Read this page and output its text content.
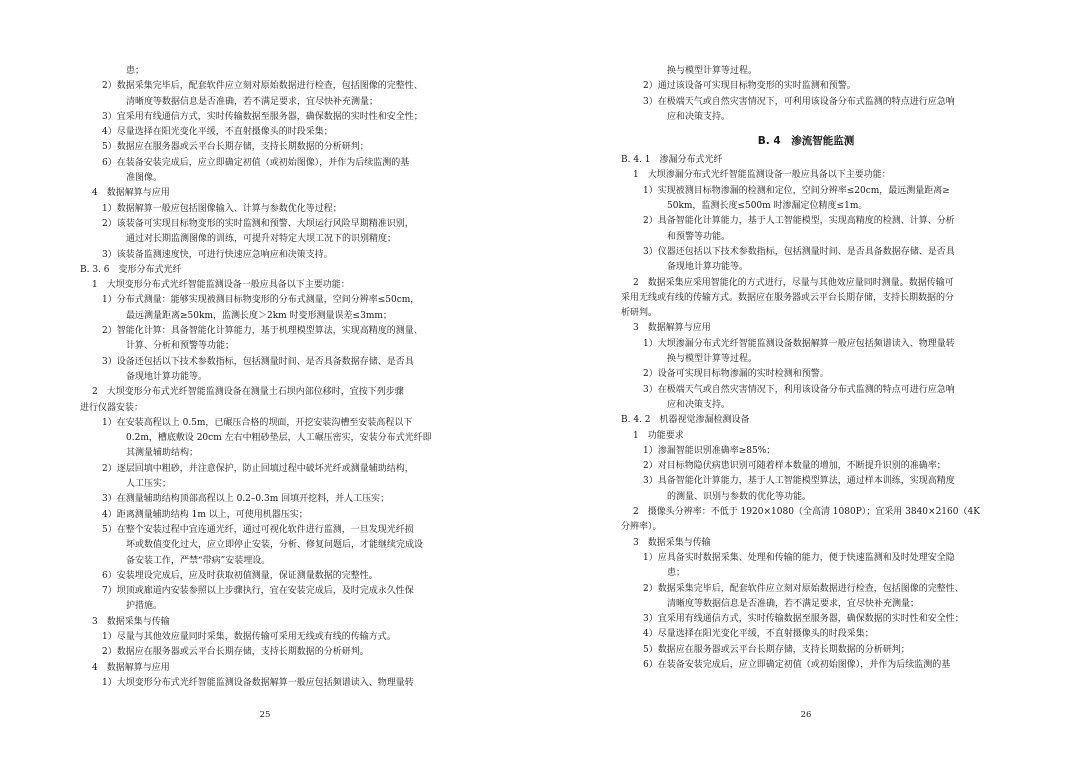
患；
2）数据采集完毕后，配套软件应立刻对原始数据进行检查，包括图像的完整性、
清晰度等数据信息是否准确，若不满足要求，宜尽快补充测量；
3）宜采用有线通信方式，实时传输数据至服务器，确保数据的实时性和安全性；
4）尽量选择在阳光变化平缓，不直射摄像头的时段采集；
5）数据应在服务器或云平台长期存储，支持长期数据的分析研判；
6）在装备安装完成后，应立即确定初值（或初始图像），并作为后续监测的基
准图像。
4　数据解算与应用
1）数据解算一般应包括图像输入、计算与参数优化等过程；
2）该装备可实现目标物变形的实时监测和预警、大坝运行风险早期精准识别，
通过对长期监测图像的训练，可提升对特定大坝工况下的识别精度；
3）该装备监测速度快，可进行快速应急响应和决策支持。
B. 3. 6　变形分布式光纤
1　大坝变形分布式光纤智能监测设备一般应具备以下主要功能：
1）分布式测量：能够实现被测目标物变形的分布式测量，空间分辨率≤50cm，
最远测量距离≥50km，监测长度＞2km 时变形测量误差≤3mm；
2）智能化计算：具备智能化计算能力，基于机理模型算法，实现高精度的测量、
计算、分析和预警等功能；
3）设备还包括以下技术参数指标，包括测量时间、是否具备数据存储、是否具
备现地计算功能等。
2　大坝变形分布式光纤智能监测设备在测量土石坝内部位移时，宜按下列步骤
进行仪器安装：
1）在安装高程以上 0.5m，已碾压合格的坝面，开挖安装沟槽至安装高程以下
0.2m，槽底敷设 20cm 左右中粗砂垫层，人工碾压密实，安装分布式光纤即
其测量辅助结构；
2）逐层回填中粗砂，并注意保护，防止回填过程中破坏光纤或测量辅助结构，
人工压实；
3）在测量辅助结构顶部高程以上 0.2–0.3m 回填开挖料，并人工压实；
4）距离测量辅助结构 1m 以上，可使用机器压实；
5）在整个安装过程中宜连通光纤，通过可视化软件进行监测，一旦发现光纤损
坏或数值变化过大，应立即停止安装，分析、修复问题后，才能继续完成设
备安装工作，严禁“带病”安装埋设。
6）安装埋设完成后，应及时获取初值测量，保证测量数据的完整性。
7）坝顶或廊道内安装参照以上步骤执行，宜在安装完成后，及时完成永久性保
护措施。
3　数据采集与传输
1）尽量与其他效应量同时采集，数据传输可采用无线或有线的传输方式。
2）数据应在服务器或云平台长期存储，支持长期数据的分析研判。
4　数据解算与应用
1）大坝变形分布式光纤智能监测设备数据解算一般应包括频谱读入、物理量转
换与模型计算等过程。
2）通过该设备可实现目标物变形的实时监测和预警。
3）在极端天气或自然灾害情况下，可利用该设备分布式监测的特点进行应急响
应和决策支持。
B. 4　渗流智能监测
B. 4. 1　渗漏分布式光纤
1　大坝渗漏分布式光纤智能监测设备一般应具备以下主要功能：
1）实现被测目标物渗漏的检测和定位，空间分辨率≤20cm，最远测量距离≥
50km，监测长度≤500m 时渗漏定位精度≤1m。
2）具备智能化计算能力，基于人工智能模型，实现高精度的检测、计算、分析
和预警等功能。
3）仪器还包括以下技术参数指标，包括测量时间、是否具备数据存储、是否具
备现地计算功能等。
2　数据采集应采用智能化的方式进行，尽量与其他效应量同时测量。数据传输可
采用无线或有线的传输方式。数据应在服务器或云平台长期存储，支持长期数据的分
析研判。
3　数据解算与应用
1）大坝渗漏分布式光纤智能监测设备数据解算一般应包括频谱读入、物理量转
换与模型计算等过程。
2）设备可实现目标物渗漏的实时检测和预警。
3）在极端天气或自然灾害情况下，利用该设备分布式监测的特点可进行应急响
应和决策支持。
B. 4. 2　机器视觉渗漏检测设备
1　功能要求
1）渗漏智能识别准确率≥85%；
2）对目标物隐伏病患识别可随着样本数量的增加，不断提升识别的准确率；
3）具备智能化计算能力，基于人工智能模型算法，通过样本训练，实现高精度
的测量、识别与参数的优化等功能。
2　摄像头分辨率：不低于 1920×1080（全高清 1080P）；宜采用 3840×2160（4K
分辨率）。
3　数据采集与传输
1）应具备实时数据采集、处理和传输的能力，便于快速监测和及时处理安全隐
患；
2）数据采集完毕后，配套软件应立刻对原始数据进行检查，包括图像的完整性、
清晰度等数据信息是否准确，若不满足要求，宜尽快补充测量；
3）宜采用有线通信方式，实时传输数据至服务器，确保数据的实时性和安全性；
4）尽量选择在阳光变化平缓，不直射摄像头的时段采集；
5）数据应在服务器或云平台长期存储，支持长期数据的分析研判；
6）在装备安装完成后，应立即确定初值（或初始图像），并作为后续监测的基
25	26
